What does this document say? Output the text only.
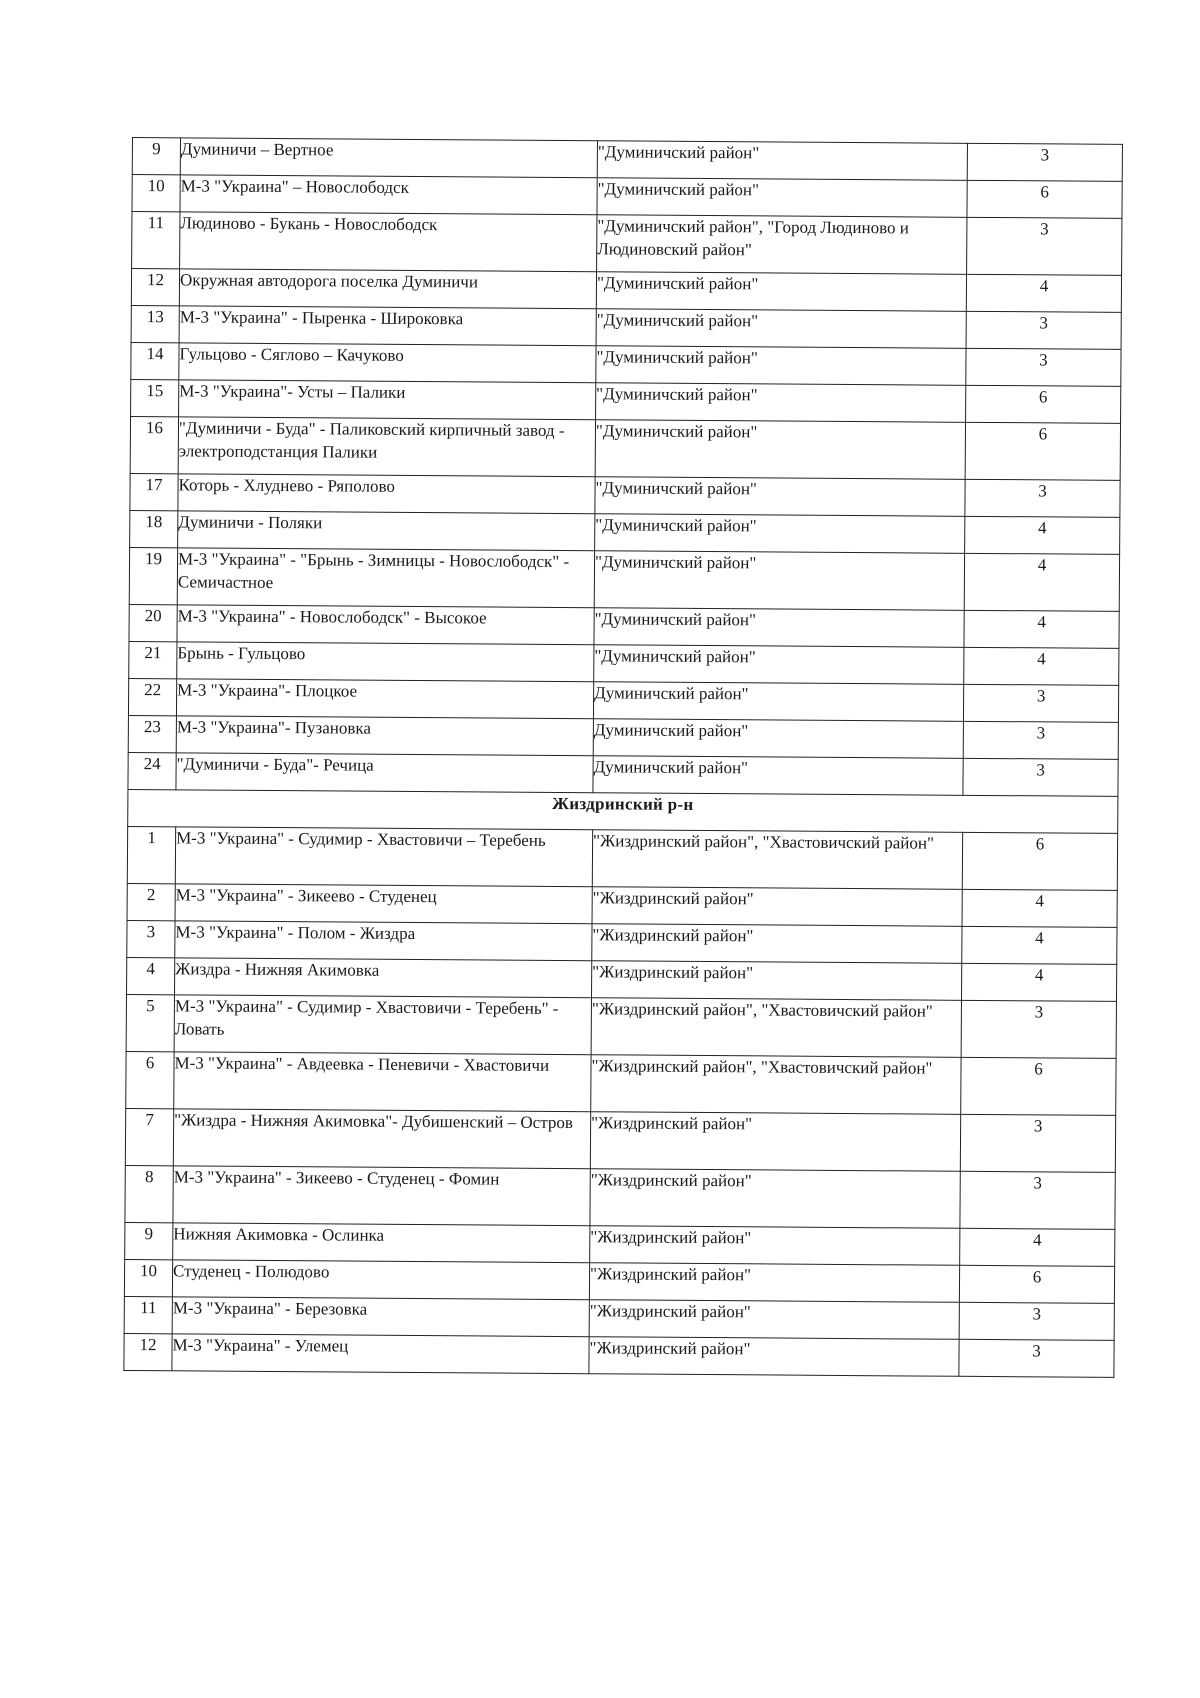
9	Думиничи – Вертное	"Думиничский район"	3
10	М-3 "Украина" – Новослободск	"Думиничский район"	6
11	Людиново - Букань - Новослободск	"Думиничский район", "Город Людиново и Людиновский район"	3
12	Окружная автодорога поселка Думиничи	"Думиничский район"	4
13	М-3 "Украина" - Пыренка - Широковка	"Думиничский район"	3
14	Гульцово - Сяглово – Качуково	"Думиничский район"	3
15	М-3 "Украина"- Усты – Палики	"Думиничский район"	6
16	"Думиничи - Буда" - Паликовский кирпичный завод - электроподстанция Палики	"Думиничский район"	6
17	Которь - Хлуднево - Ряполово	"Думиничский район"	3
18	Думиничи - Поляки	"Думиничский район"	4
19	М-3 "Украина" - "Брынь - Зимницы - Новослободск" - Семичастное	"Думиничский район"	4
20	М-3 "Украина" - Новослободск" - Высокое	"Думиничский район"	4
21	Брынь - Гульцово	"Думиничский район"	4
22	М-3 "Украина"- Плоцкое	Думиничский район"	3
23	М-3 "Украина"- Пузановка	Думиничский район"	3
24	"Думиничи - Буда"- Речица	Думиничский район"	3
Жиздринский р-н			
1	М-3 "Украина" - Судимир - Хвастовичи – Теребень	"Жиздринский район", "Хвастовичский район"	6
2	М-3 "Украина" - Зикеево - Студенец	"Жиздринский район"	4
3	М-3 "Украина" - Полом - Жиздра	"Жиздринский район"	4
4	Жиздра - Нижняя Акимовка	"Жиздринский район"	4
5	М-3 "Украина" - Судимир - Хвастовичи - Теребень" - Ловать	"Жиздринский район", "Хвастовичский район"	3
6	М-3 "Украина" - Авдеевка - Пеневичи - Хвастовичи	"Жиздринский район", "Хвастовичский район"	6
7	"Жиздра - Нижняя Акимовка"- Дубишенский – Остров	"Жиздринский район"	3
8	М-3 "Украина" - Зикеево - Студенец - Фомин	"Жиздринский район"	3
9	Нижняя Акимовка - Ослинка	"Жиздринский район"	4
10	Студенец - Полюдово	"Жиздринский район"	6
11	М-3 "Украина" - Березовка	"Жиздринский район"	3
12	М-3 "Украина" - Улемец	"Жиздринский район"	3
